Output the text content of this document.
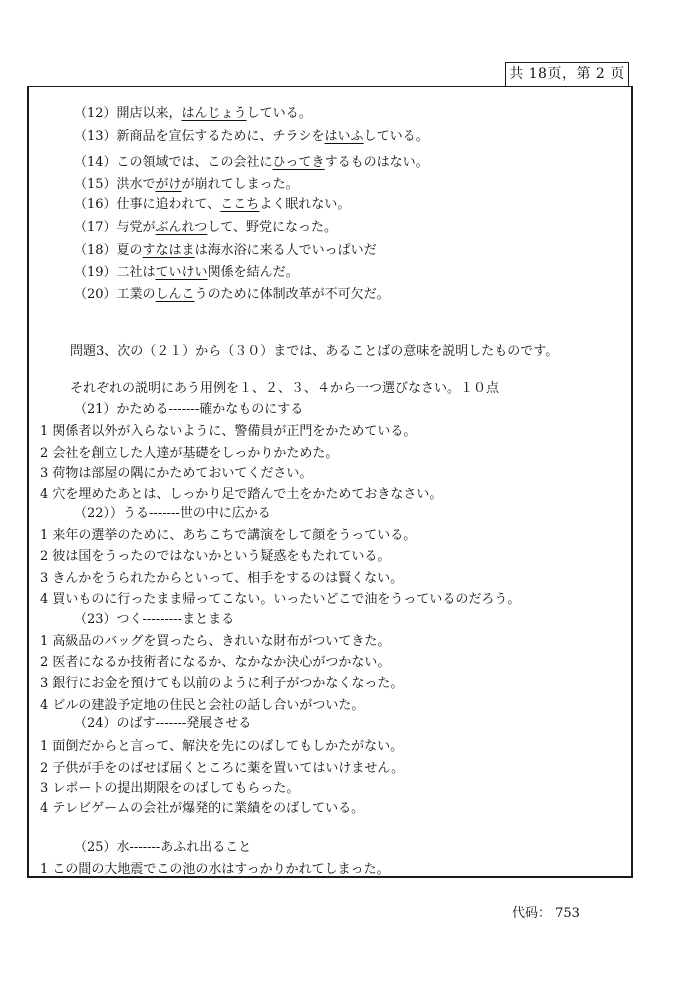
共 18页，第 2 页
（12）開店以来，はんじょうしている。
（13）新商品を宣伝するために、チラシをはいふしている。
（14）この領域では、この会社にひってきするものはない。
（15）洪水でがけが崩れてしまった。
（16）仕事に追われて、ここちよく眠れない。
（17）与党がぶんれつして、野党になった。
（18）夏のすなはまは海水浴に来る人でいっぱいだ
（19）二社はていけい関係を結んだ。
（20）工業のしんこうのために体制改革が不可欠だ。
問題3、次の（２１）から（３０）までは、あることばの意味を説明したものです。
それぞれの説明にあう用例を１、２、３、４から一つ選びなさい。１０点
（21）かためる-------確かなものにする
1 関係者以外が入らないように、警備員が正門をかためている。
2 会社を創立した人達が基礎をしっかりかためた。
3 荷物は部屋の隅にかためておいてください。
4 穴を埋めたあとは、しっかり足で踏んで土をかためておきなさい。
（22））うる-------世の中に広かる
1 来年の選挙のために、あちこちで講演をして顔をうっている。
2 彼は国をうったのではないかという疑惑をもたれている。
3 きんかをうられたからといって、相手をするのは賢くない。
4 買いものに行ったまま帰ってこない。いったいどこで油をうっているのだろう。
（23）つく---------まとまる
1 高級品のバッグを買ったら、きれいな財布がついてきた。
2 医者になるか技術者になるか、なかなか決心がつかない。
3 銀行にお金を預けても以前のように利子がつかなくなった。
4 ビルの建設予定地の住民と会社の話し合いがついた。
（24）のばす-------発展させる
1 面倒だからと言って、解決を先にのばしてもしかたがない。
2 子供が手をのばせば届くところに薬を置いてはいけません。
3 レポートの提出期限をのばしてもらった。
4 テレビゲームの会社が爆発的に業績をのばしている。
（25）水-------あふれ出ること
1 この間の大地震でこの池の水はすっかりかれてしまった。
代码： 753
